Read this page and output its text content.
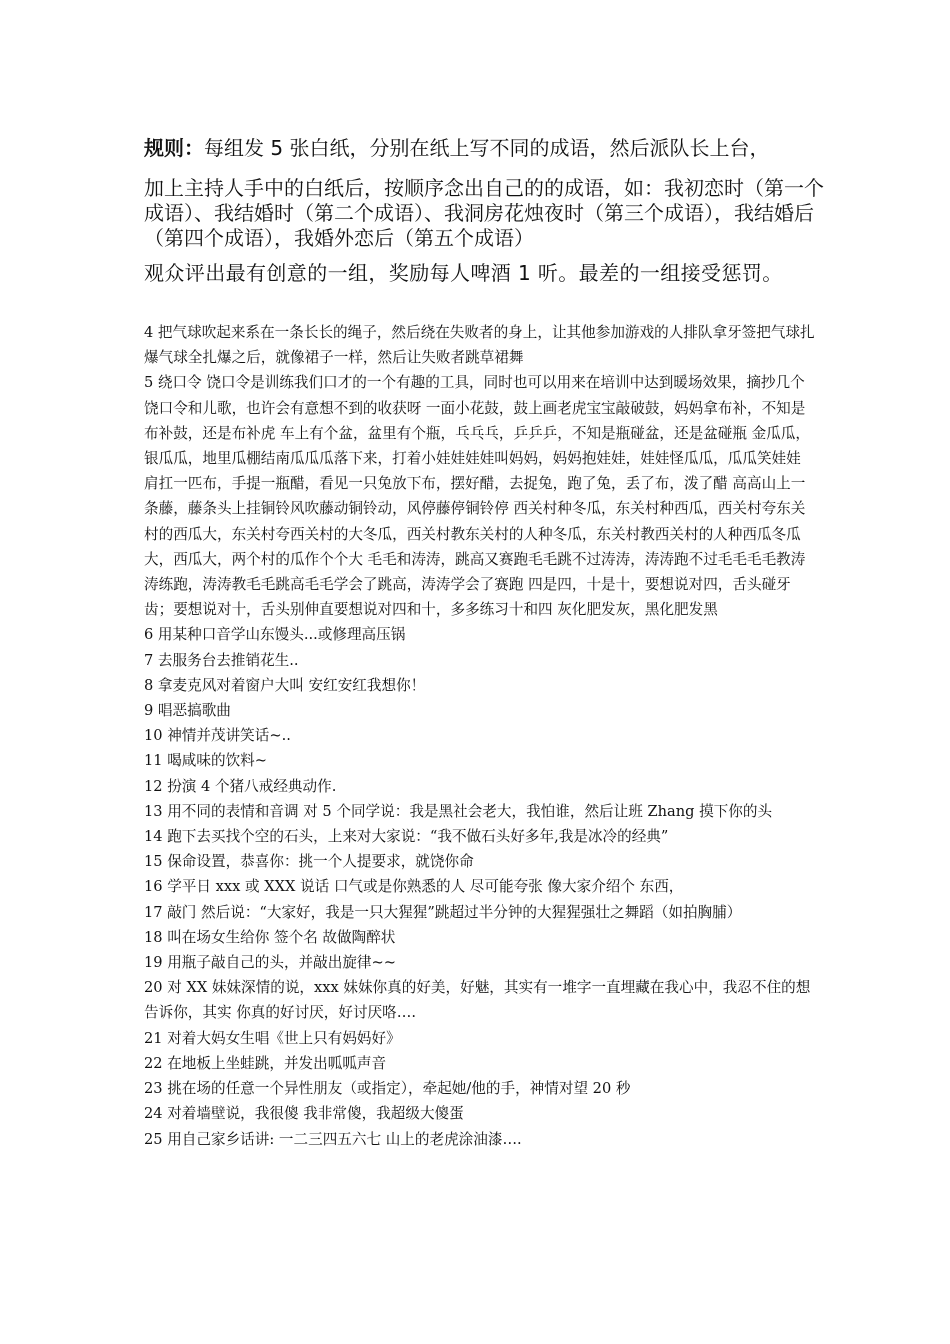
规则：每组发 5 张白纸，分别在纸上写不同的成语，然后派队长上台，

加上主持人手中的白纸后，按顺序念出自己的的成语，如：我初恋时（第一个成语）、我结婚时（第二个成语）、我洞房花烛夜时（第三个成语），我结婚后（第四个成语），我婚外恋后（第五个成语）

观众评出最有创意的一组，奖励每人啤酒 1 听。最差的一组接受惩罚。

4 把气球吹起来系在一条长长的绳子，然后绕在失败者的身上，让其他参加游戏的人排队拿牙签把气球扎爆气球全扎爆之后，就像裙子一样，然后让失败者跳草裙舞

5 绕口令 饶口令是训练我们口才的一个有趣的工具，同时也可以用来在培训中达到暖场效果，摘抄几个饶口令和儿歌，也许会有意想不到的收获呀 一面小花鼓，鼓上画老虎宝宝敲破鼓，妈妈拿布补，不知是布补鼓，还是布补虎 车上有个盆，盆里有个瓶，乓乓乓，乒乒乒，不知是瓶碰盆，还是盆碰瓶 金瓜瓜，银瓜瓜，地里瓜棚结南瓜瓜瓜落下来，打着小娃娃娃娃叫妈妈，妈妈抱娃娃，娃娃怪瓜瓜，瓜瓜笑娃娃 肩扛一匹布，手提一瓶醋，看见一只兔放下布，摆好醋，去捉兔，跑了兔，丢了布，泼了醋 高高山上一条藤，藤条头上挂铜铃风吹藤动铜铃动，风停藤停铜铃停 西关村种冬瓜，东关村种西瓜，西关村夸东关村的西瓜大，东关村夸西关村的大冬瓜，西关村教东关村的人种冬瓜，东关村教西关村的人种西瓜冬瓜大，西瓜大，两个村的瓜作个个大 毛毛和涛涛，跳高又赛跑毛毛跳不过涛涛，涛涛跑不过毛毛毛毛教涛涛练跑，涛涛教毛毛跳高毛毛学会了跳高，涛涛学会了赛跑 四是四，十是十，要想说对四，舌头碰牙齿；要想说对十，舌头别伸直要想说对四和十，多多练习十和四 灰化肥发灰，黑化肥发黑

6 用某种口音学山东馒头...或修理高压锅

7 去服务台去推销花生..

8 拿麦克风对着窗户大叫 安红安红我想你！

9 唱恶搞歌曲

10 神情并茂讲笑话~..

11 喝咸味的饮料~

12 扮演 4 个猪八戒经典动作.

13 用不同的表情和音调 对 5 个同学说：我是黑社会老大，我怕谁，然后让班 Zhang 摸下你的头

14 跑下去买找个空的石头，上来对大家说：“我不做石头好多年,我是冰冷的经典”

15 保命设置，恭喜你：挑一个人提要求，就饶你命

16 学平日 xxx 或 XXX 说话 口气或是你熟悉的人 尽可能夸张 像大家介绍个 东西，

17 敲门 然后说：“大家好，我是一只大猩猩”跳超过半分钟的大猩猩强壮之舞蹈（如拍胸脯）

18 叫在场女生给你 签个名 故做陶醉状

19 用瓶子敲自己的头，并敲出旋律~~

20 对 XX 妹妹深情的说，xxx 妹妹你真的好美，好魅，其实有一堆字一直埋藏在我心中，我忍不住的想告诉你，其实 你真的好讨厌，好讨厌咯….

21 对着大妈女生唱《世上只有妈妈好》

22 在地板上坐蛙跳，并发出呱呱声音

23 挑在场的任意一个异性朋友（或指定），牵起她/他的手，神情对望 20 秒

24 对着墙壁说，我很傻 我非常傻，我超级大傻蛋

25 用自己家乡话讲: 一二三四五六七 山上的老虎涂油漆….
